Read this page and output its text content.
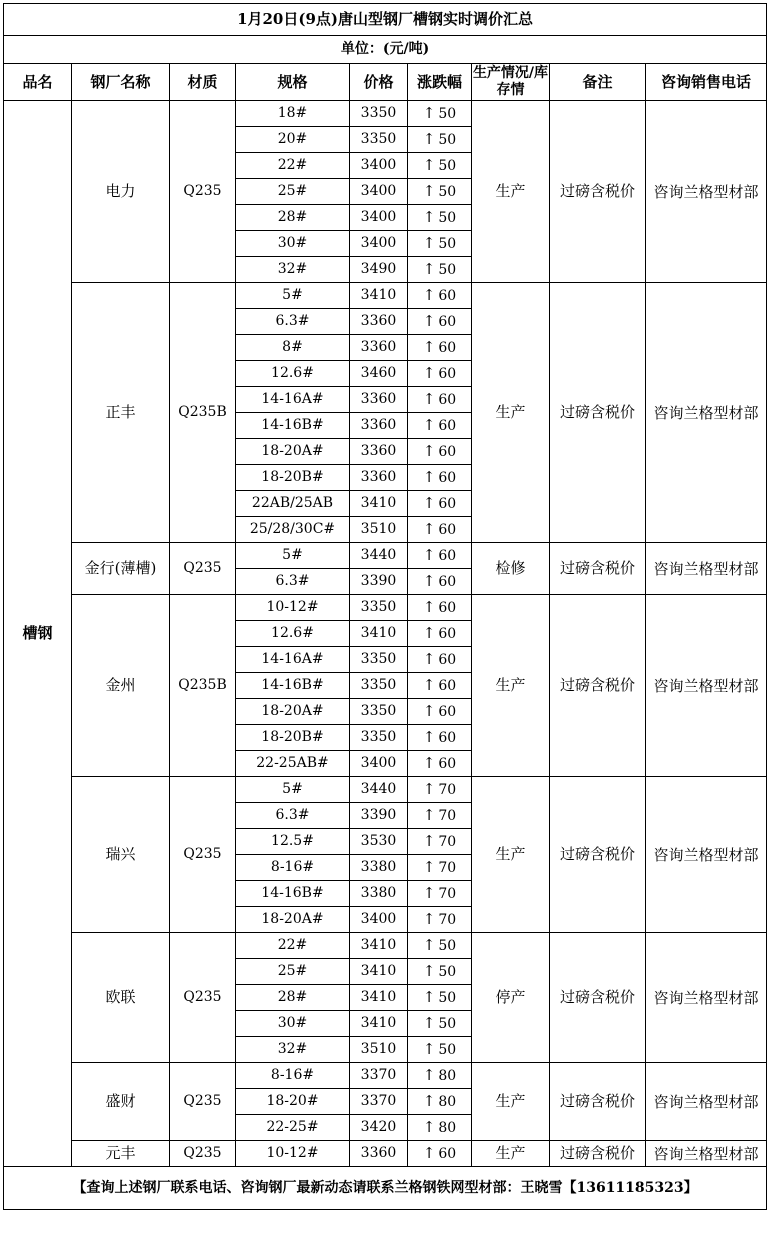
1月20日(9点)唐山型钢厂槽钢实时调价汇总								
单位：(元/吨)								
品名	钢厂名称	材质	规格	价格	涨跌幅	生产情况/库存情	备注	咨询销售电话
槽钢	电力	Q235	18#	3350	↑ 50	生产	过磅含税价	咨询兰格型材部
			20#	3350	↑ 50			
			22#	3400	↑ 50			
			25#	3400	↑ 50			
			28#	3400	↑ 50			
			30#	3400	↑ 50			
			32#	3490	↑ 50			
	正丰	Q235B	5#	3410	↑ 60	生产	过磅含税价	咨询兰格型材部
			6.3#	3360	↑ 60			
			8#	3360	↑ 60			
			12.6#	3460	↑ 60			
			14-16A#	3360	↑ 60			
			14-16B#	3360	↑ 60			
			18-20A#	3360	↑ 60			
			18-20B#	3360	↑ 60			
			22AB/25AB	3410	↑ 60			
			25/28/30C#	3510	↑ 60			
	金行(薄槽)	Q235	5#	3440	↑ 60	检修	过磅含税价	咨询兰格型材部
			6.3#	3390	↑ 60			
	金州	Q235B	10-12#	3350	↑ 60	生产	过磅含税价	咨询兰格型材部
			12.6#	3410	↑ 60			
			14-16A#	3350	↑ 60			
			14-16B#	3350	↑ 60			
			18-20A#	3350	↑ 60			
			18-20B#	3350	↑ 60			
			22-25AB#	3400	↑ 60			
	瑞兴	Q235	5#	3440	↑ 70	生产	过磅含税价	咨询兰格型材部
			6.3#	3390	↑ 70			
			12.5#	3530	↑ 70			
			8-16#	3380	↑ 70			
			14-16B#	3380	↑ 70			
			18-20A#	3400	↑ 70			
	欧联	Q235	22#	3410	↑ 50	停产	过磅含税价	咨询兰格型材部
			25#	3410	↑ 50			
			28#	3410	↑ 50			
			30#	3410	↑ 50			
			32#	3510	↑ 50			
	盛财	Q235	8-16#	3370	↑ 80	生产	过磅含税价	咨询兰格型材部
			18-20#	3370	↑ 80			
			22-25#	3420	↑ 80			
	元丰	Q235	10-12#	3360	↑ 60	生产	过磅含税价	咨询兰格型材部
【查询上述钢厂联系电话、咨询钢厂最新动态请联系兰格钢铁网型材部：王晓雪【13611185323】								
